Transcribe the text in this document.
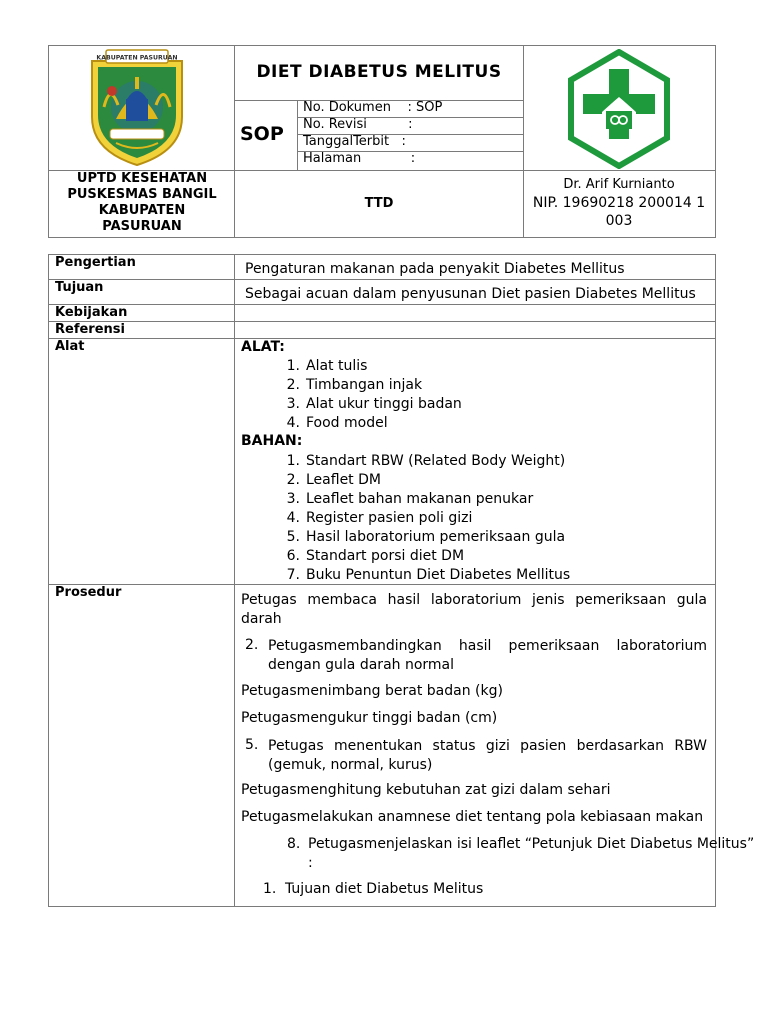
KABUPATEN PASURUAN
DIET DIABETUS MELITUS
SOP
No. Dokumen    : SOP
No. Revisi          :
TanggalTerbit   :
Halaman            :
UPTD KESEHATAN
PUSKESMAS BANGIL
KABUPATEN
PASURUAN
TTD
Dr. Arif Kurnianto
NIP. 19690218 200014 1 003
Pengertian
Tujuan
Kebijakan
Referensi
Alat
Prosedur
Pengaturan makanan pada penyakit Diabetes Mellitus
Sebagai acuan dalam penyusunan Diet pasien Diabetes Mellitus
ALAT:
1. Alat tulis
2. Timbangan injak
3. Alat ukur tinggi badan
4. Food model
BAHAN:
1. Standart RBW (Related Body Weight)
2. Leaflet DM
3. Leaflet bahan makanan penukar
4. Register pasien poli gizi
5. Hasil laboratorium pemeriksaan gula
6. Standart porsi diet DM
7. Buku Penuntun Diet Diabetes Mellitus
Petugas membaca hasil laboratorium jenis pemeriksaan gula darah
2. Petugasmembandingkan hasil pemeriksaan laboratorium dengan gula darah normal
Petugasmenimbang berat badan (kg)
Petugasmengukur tinggi badan (cm)
5. Petugas menentukan status gizi pasien berdasarkan RBW (gemuk, normal, kurus)
Petugasmenghitung kebutuhan zat gizi dalam sehari
Petugasmelakukan anamnese diet tentang pola kebiasaan makan
8. Petugasmenjelaskan isi leaflet “Petunjuk Diet Diabetus Melitus”
:
1. Tujuan diet Diabetus Melitus
